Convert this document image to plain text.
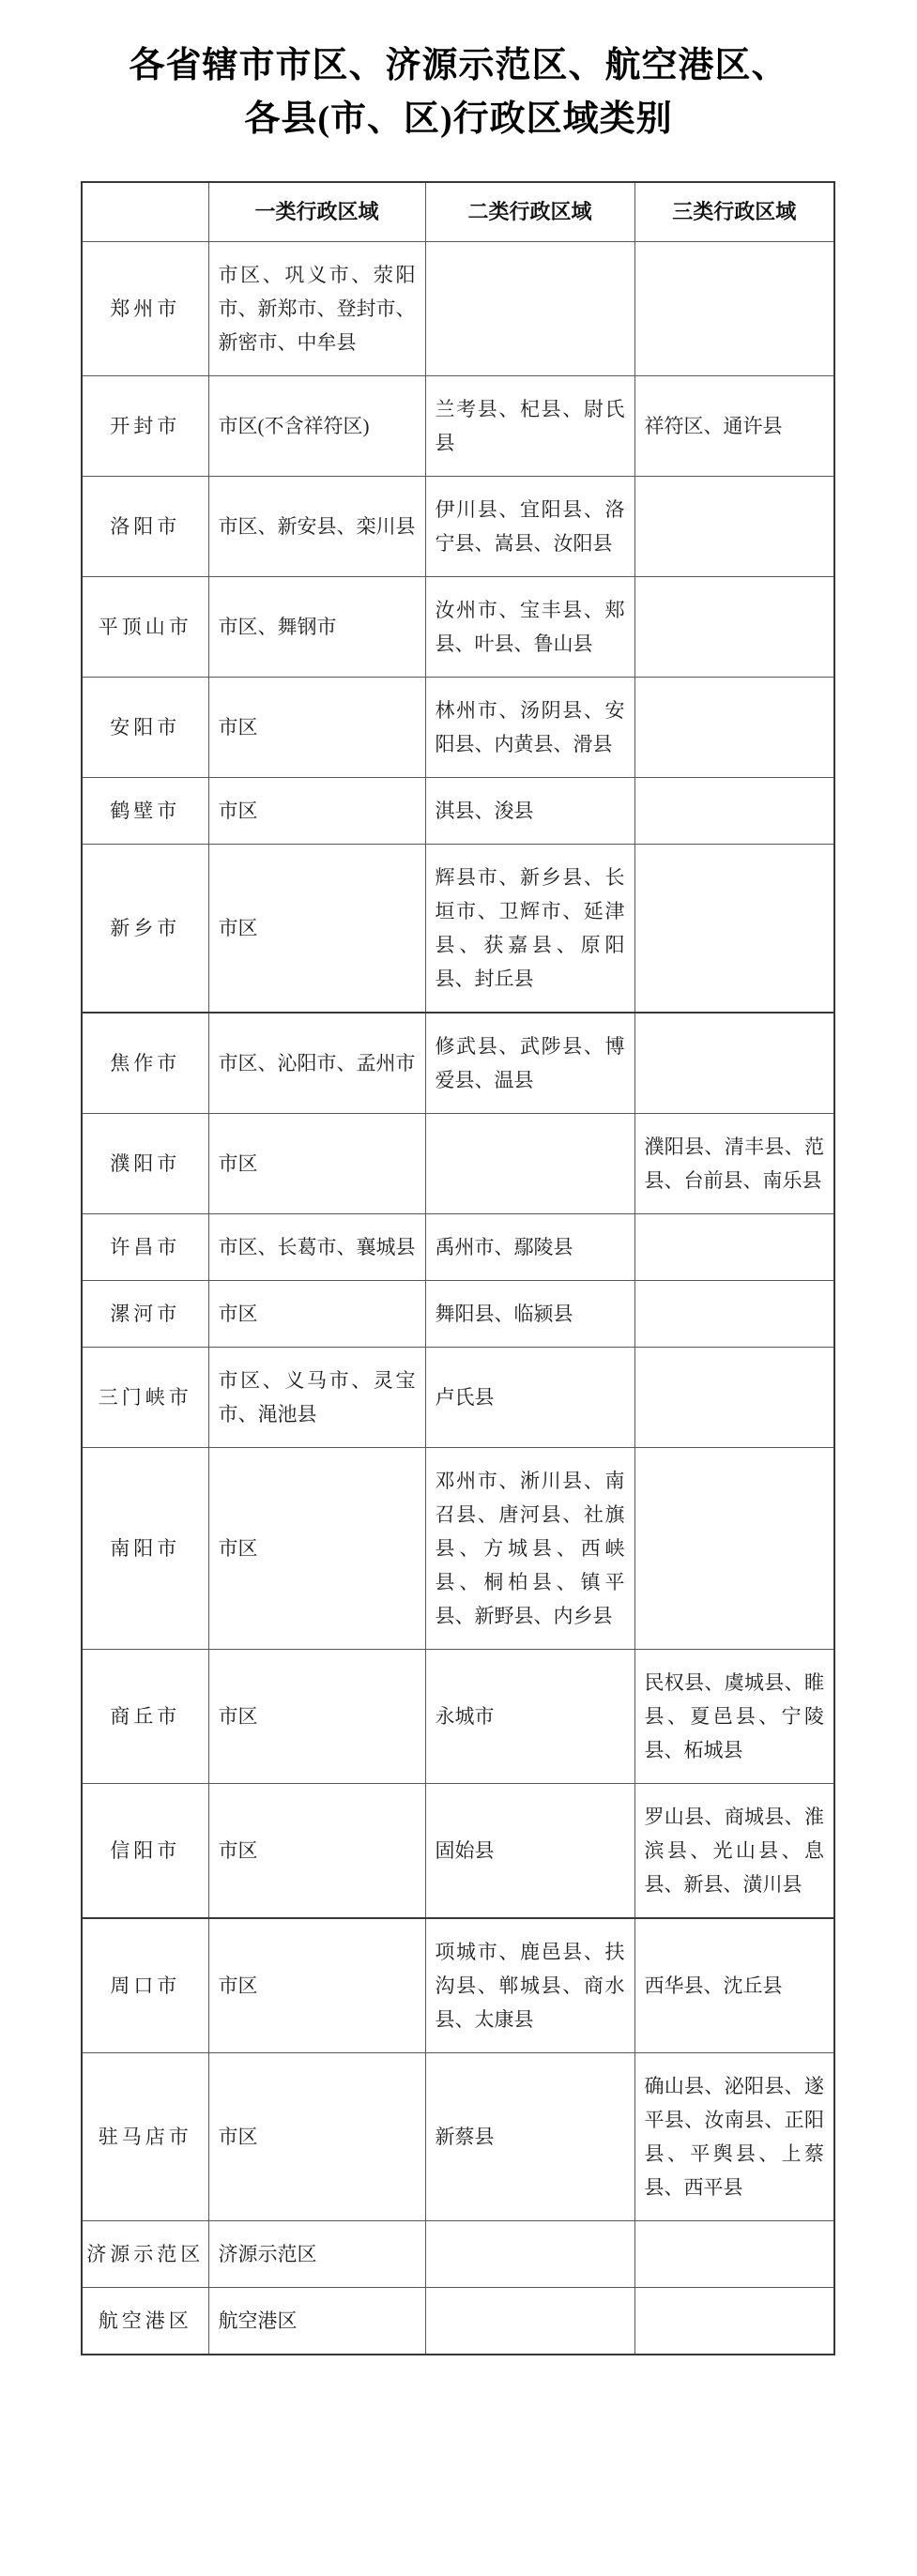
各省辖市市区、济源示范区、航空港区、
各县(市、区)行政区域类别
	一类行政区域	二类行政区域	三类行政区域
郑州市	市区、巩义市、荥阳市、新郑市、登封市、新密市、中牟县		
开封市	市区(不含祥符区)	兰考县、杞县、尉氏县	祥符区、通许县
洛阳市	市区、新安县、栾川县	伊川县、宜阳县、洛宁县、嵩县、汝阳县	
平顶山市	市区、舞钢市	汝州市、宝丰县、郏县、叶县、鲁山县	
安阳市	市区	林州市、汤阴县、安阳县、内黄县、滑县	
鹤壁市	市区	淇县、浚县	
新乡市	市区	辉县市、新乡县、长垣市、卫辉市、延津县、获嘉县、原阳县、封丘县	
焦作市	市区、沁阳市、孟州市	修武县、武陟县、博爱县、温县	
濮阳市	市区		濮阳县、清丰县、范县、台前县、南乐县
许昌市	市区、长葛市、襄城县	禹州市、鄢陵县	
漯河市	市区	舞阳县、临颍县	
三门峡市	市区、义马市、灵宝市、渑池县	卢氏县	
南阳市	市区	邓州市、淅川县、南召县、唐河县、社旗县、方城县、西峡县、桐柏县、镇平县、新野县、内乡县	
商丘市	市区	永城市	民权县、虞城县、睢县、夏邑县、宁陵县、柘城县
信阳市	市区	固始县	罗山县、商城县、淮滨县、光山县、息县、新县、潢川县
周口市	市区	项城市、鹿邑县、扶沟县、郸城县、商水县、太康县	西华县、沈丘县
驻马店市	市区	新蔡县	确山县、泌阳县、遂平县、汝南县、正阳县、平舆县、上蔡县、西平县
济源示范区	济源示范区		
航空港区	航空港区		
